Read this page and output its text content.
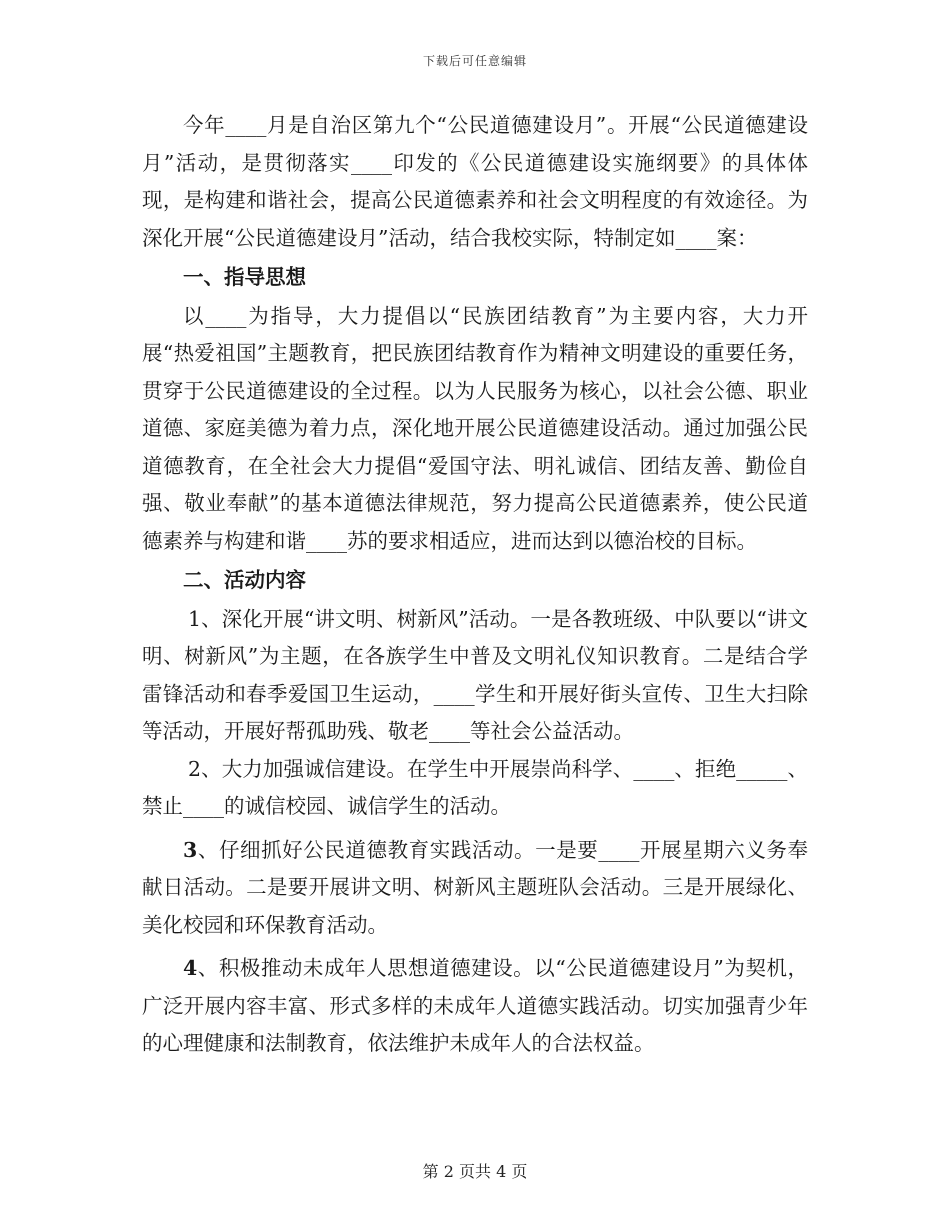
下载后可任意编辑

今年____月是自治区第九个“公民道德建设月”。开展“公民道德建设月”活动，是贯彻落实____印发的《公民道德建设实施纲要》的具体体现，是构建和谐社会，提高公民道德素养和社会文明程度的有效途径。为深化开展“公民道德建设月”活动，结合我校实际，特制定如____案：

一、指导思想

以____为指导，大力提倡以“民族团结教育”为主要内容，大力开展“热爱祖国”主题教育，把民族团结教育作为精神文明建设的重要任务，贯穿于公民道德建设的全过程。以为人民服务为核心，以社会公德、职业道德、家庭美德为着力点，深化地开展公民道德建设活动。通过加强公民道德教育，在全社会大力提倡“爱国守法、明礼诚信、团结友善、勤俭自强、敬业奉献”的基本道德法律规范，努力提高公民道德素养，使公民道德素养与构建和谐____苏的要求相适应，进而达到以德治校的目标。

二、活动内容

1、深化开展“讲文明、树新风”活动。一是各教班级、中队要以“讲文明、树新风”为主题，在各族学生中普及文明礼仪知识教育。二是结合学雷锋活动和春季爱国卫生运动，____学生和开展好街头宣传、卫生大扫除等活动，开展好帮孤助残、敬老____等社会公益活动。

2、大力加强诚信建设。在学生中开展崇尚科学、____、拒绝_____、禁止____的诚信校园、诚信学生的活动。

3、仔细抓好公民道德教育实践活动。一是要____开展星期六义务奉献日活动。二是要开展讲文明、树新风主题班队会活动。三是开展绿化、美化校园和环保教育活动。

4、积极推动未成年人思想道德建设。以“公民道德建设月”为契机，广泛开展内容丰富、形式多样的未成年人道德实践活动。切实加强青少年的心理健康和法制教育，依法维护未成年人的合法权益。

第 2 页共 4 页
